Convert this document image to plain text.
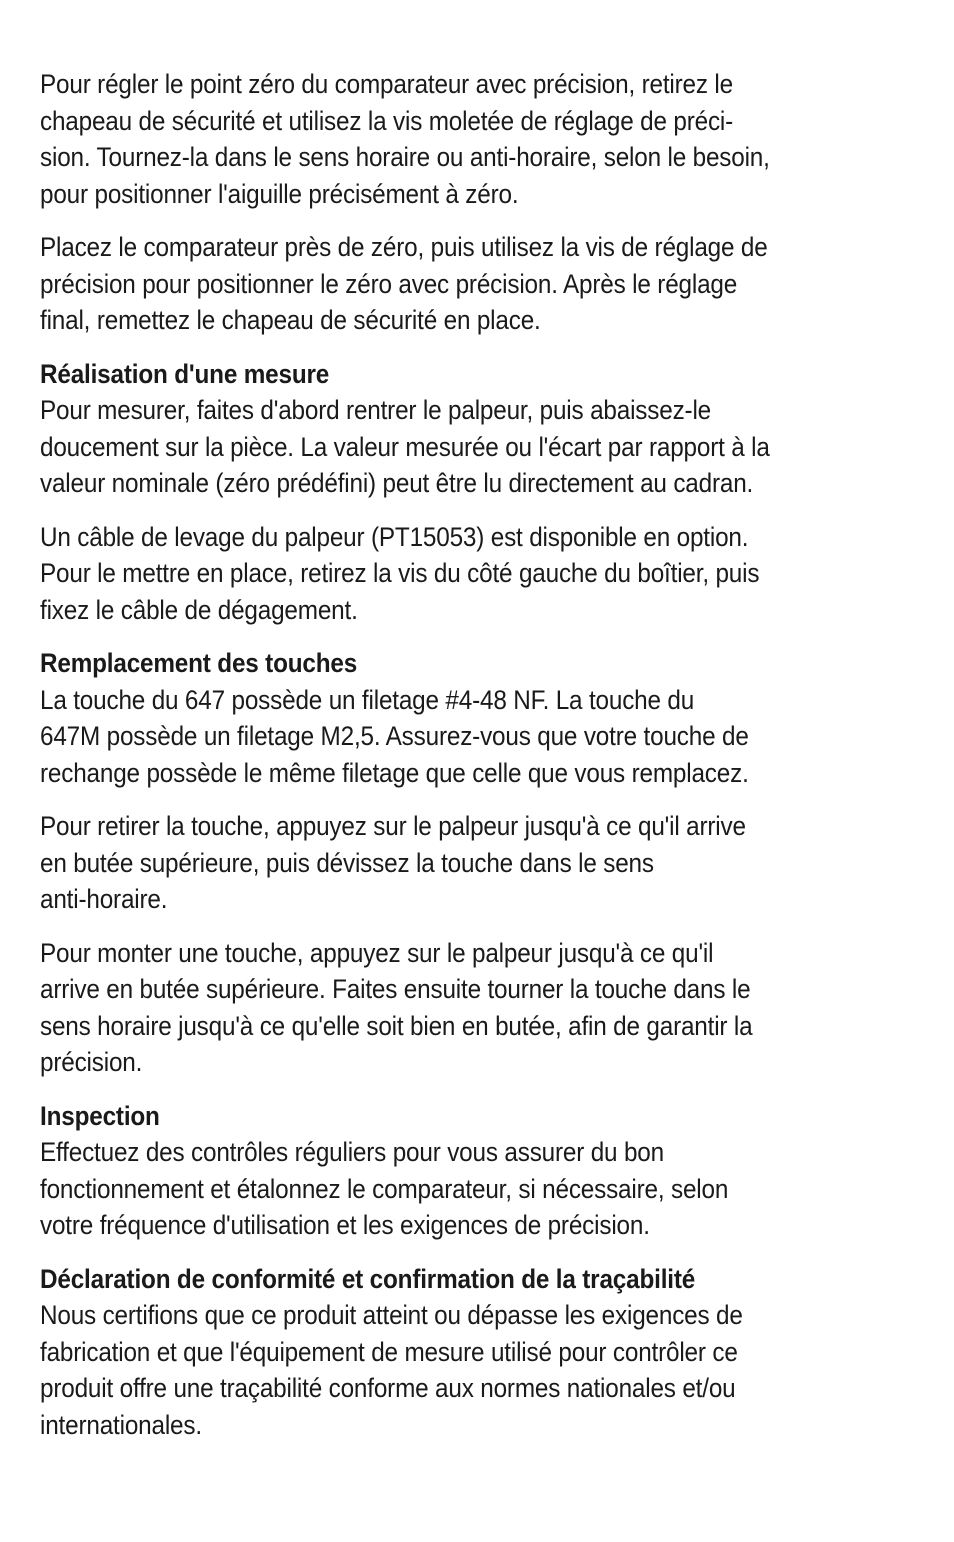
Pour régler le point zéro du comparateur avec précision, retirez le
chapeau de sécurité et utilisez la vis moletée de réglage de préci-
sion. Tournez-la dans le sens horaire ou anti-horaire, selon le besoin,
pour positionner l'aiguille précisément à zéro.

Placez le comparateur près de zéro, puis utilisez la vis de réglage de
précision pour positionner le zéro avec précision. Après le réglage
final, remettez le chapeau de sécurité en place.

Réalisation d'une mesure

Pour mesurer, faites d'abord rentrer le palpeur, puis abaissez-le
doucement sur la pièce. La valeur mesurée ou l'écart par rapport à la
valeur nominale (zéro prédéfini) peut être lu directement au cadran.

Un câble de levage du palpeur (PT15053) est disponible en option.
Pour le mettre en place, retirez la vis du côté gauche du boîtier, puis
fixez le câble de dégagement.

Remplacement des touches

La touche du 647 possède un filetage #4-48 NF. La touche du
647M possède un filetage M2,5. Assurez-vous que votre touche de
rechange possède le même filetage que celle que vous remplacez.

Pour retirer la touche, appuyez sur le palpeur jusqu'à ce qu'il arrive
en butée supérieure, puis dévissez la touche dans le sens
anti-horaire.

Pour monter une touche, appuyez sur le palpeur jusqu'à ce qu'il
arrive en butée supérieure. Faites ensuite tourner la touche dans le
sens horaire jusqu'à ce qu'elle soit bien en butée, afin de garantir la
précision.

Inspection

Effectuez des contrôles réguliers pour vous assurer du bon
fonctionnement et étalonnez le comparateur, si nécessaire, selon
votre fréquence d'utilisation et les exigences de précision.

Déclaration de conformité et confirmation de la traçabilité

Nous certifions que ce produit atteint ou dépasse les exigences de
fabrication et que l'équipement de mesure utilisé pour contrôler ce
produit offre une traçabilité conforme aux normes nationales et/ou
internationales.
